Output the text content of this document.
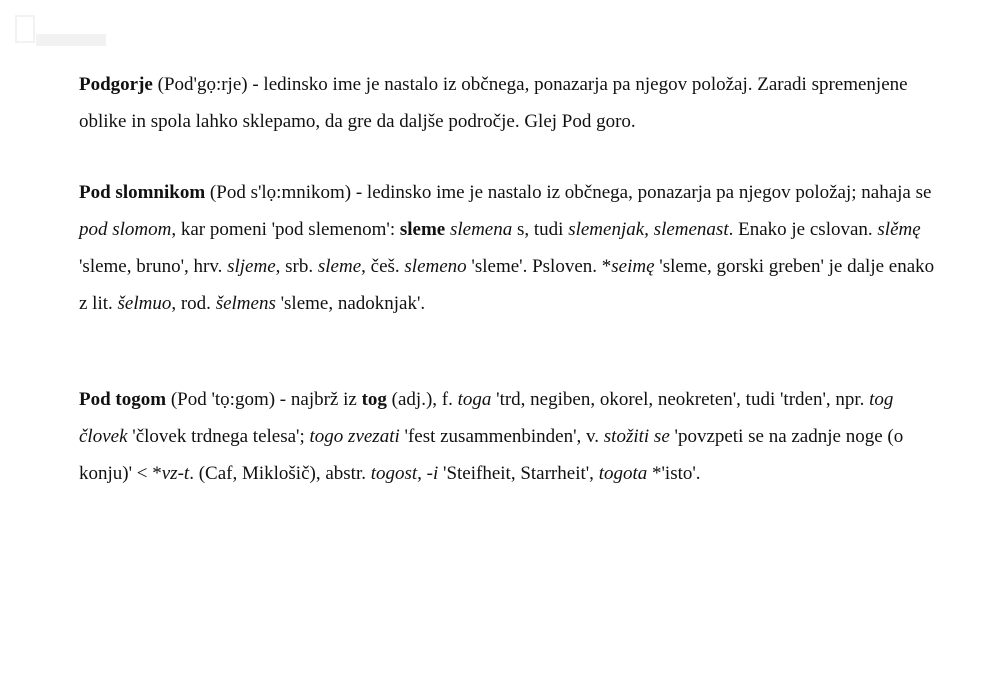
Podgorje (Pod'gọ:rje) - ledinsko ime je nastalo iz občnega, ponazarja pa njegov položaj. Zaradi spremenjene oblike in spola lahko sklepamo, da gre da daljše področje. Glej Pod goro.

Pod slomnikom (Pod s'lọ:mnikom) - ledinsko ime je nastalo iz občnega, ponazarja pa njegov položaj; nahaja se pod slomom, kar pomeni 'pod slemenom': sleme slemena s, tudi slemenjak, slemenast. Enako je cslovan. slěmę 'sleme, bruno', hrv. sljeme, srb. sleme, češ. slemeno 'sleme'. Psloven. *seimę 'sleme, gorski greben' je dalje enako z lit. šelmuo, rod. šelmens 'sleme, nadoknjak'.

Pod togom (Pod 'tọ:gom) - najbrž iz tog (adj.), f. toga 'trd, negiben, okorel, neokreten', tudi 'trden', npr. tog človek 'človek trdnega telesa'; togo zvezati 'fest zusammenbinden', v. stožiti se 'povzpeti se na zadnje noge (o konju)' < *vz-t. (Caf, Miklošič), abstr. togost, -i 'Steifheit, Starrheit', togota *'isto'.
